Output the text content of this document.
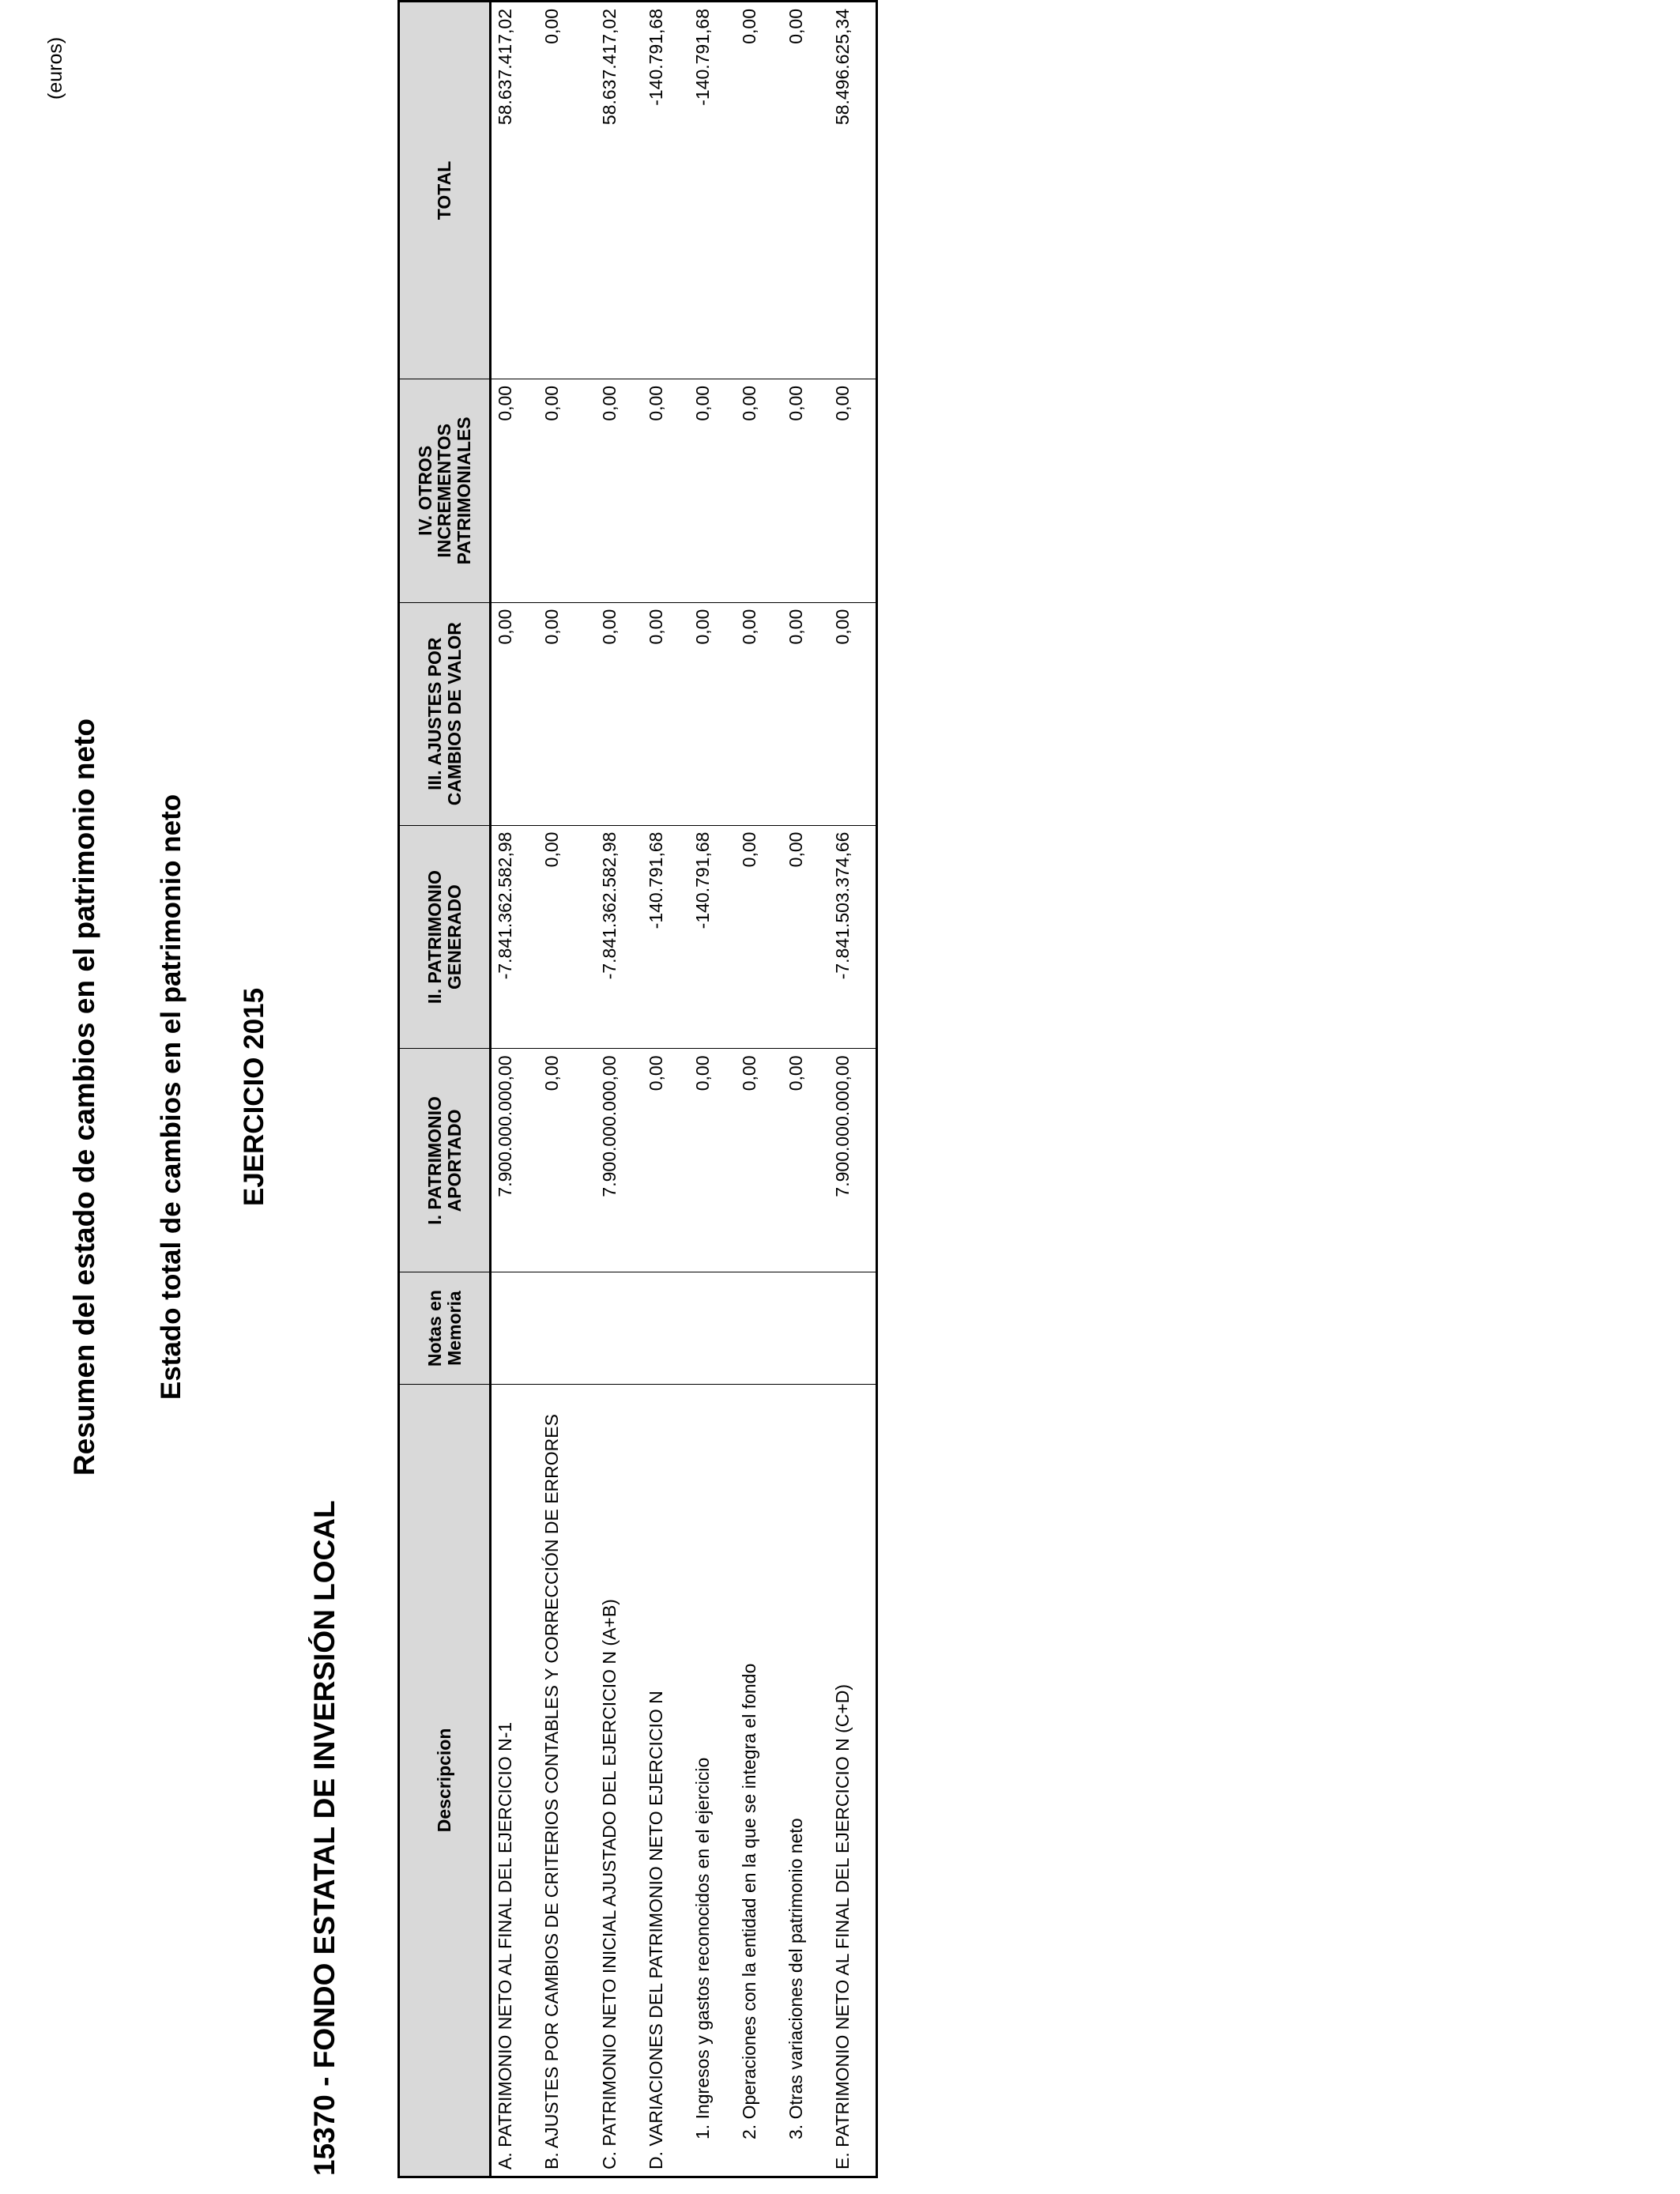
Resumen del estado de cambios en el patrimonio neto Estado total de cambios en el patrimonio neto EJERCICIO 2015
15370 - FONDO ESTATAL DE INVERSIÓN LOCAL
(euros)
Descripcion	Notas en Memoria	I. PATRIMONIO APORTADO	II. PATRIMONIO GENERADO	III. AJUSTES POR CAMBIOS DE VALOR	IV. OTROS INCREMENTOS PATRIMONIALES	TOTAL
A. PATRIMONIO NETO AL FINAL DEL EJERCICIO N-1		7.900.000.000,00	-7.841.362.582,98	0,00	0,00	58.637.417,02
B. AJUSTES POR CAMBIOS DE CRITERIOS CONTABLES Y CORRECCIÓN DE ERRORES		0,00	0,00	0,00	0,00	0,00
C. PATRIMONIO NETO INICIAL AJUSTADO DEL EJERCICIO N (A+B)		7.900.000.000,00	-7.841.362.582,98	0,00	0,00	58.637.417,02
D. VARIACIONES DEL PATRIMONIO NETO EJERCICIO N		0,00	-140.791,68	0,00	0,00	-140.791,68
1. Ingresos y gastos reconocidos en el ejercicio		0,00	-140.791,68	0,00	0,00	-140.791,68
2. Operaciones con la entidad en la que se integra el fondo		0,00	0,00	0,00	0,00	0,00
3. Otras variaciones del patrimonio neto		0,00	0,00	0,00	0,00	0,00
E. PATRIMONIO NETO AL FINAL DEL EJERCICIO N (C+D)		7.900.000.000,00	-7.841.503.374,66	0,00	0,00	58.496.625,34
